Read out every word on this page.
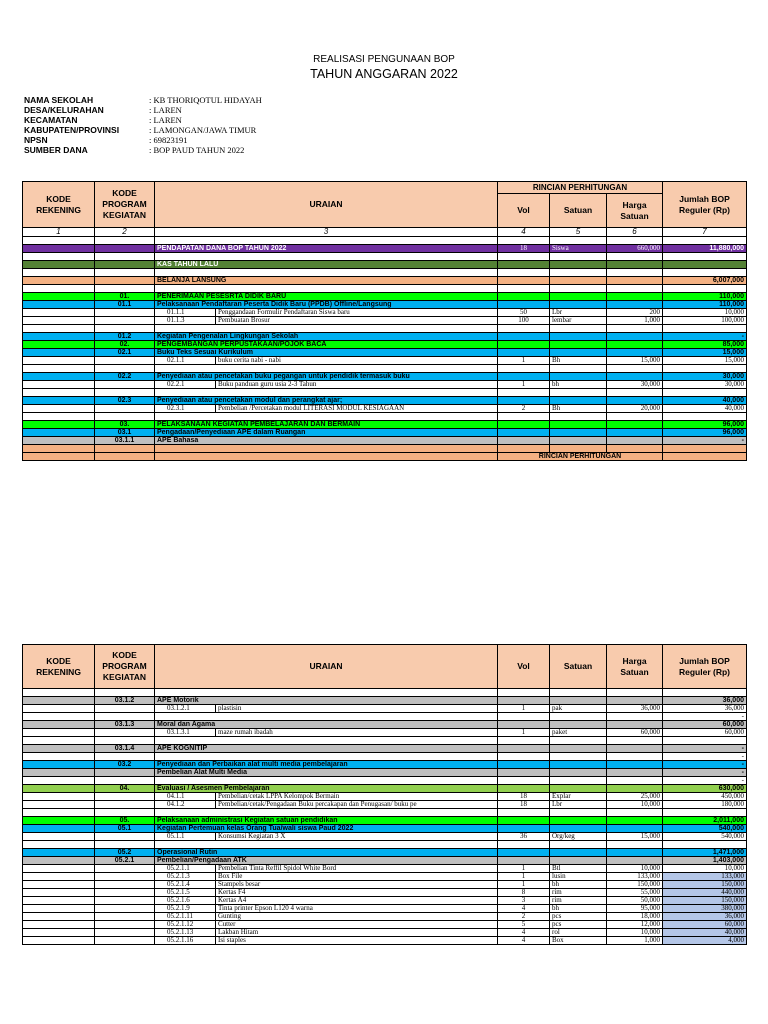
REALISASI PENGUNAAN BOP
TAHUN ANGGARAN 2022
NAMA SEKOLAH	: KB THORIQOTUL HIDAYAH
DESA/KELURAHAN	: LAREN
KECAMATAN	: LAREN
KABUPATEN/PROVINSI	: LAMONGAN/JAWA TIMUR
NPSN	: 69823191
SUMBER DANA	: BOP PAUD TAHUN 2022
KODE REKENING	KODE PROGRAM KEGIATAN	URAIAN	RINCIAN PERHITUNGAN			Jumlah BOP Reguler (Rp)
			Vol	Satuan	Harga Satuan	
1	2	3	4	5	6	7

		PENDAPATAN DANA BOP TAHUN 2022	18	Siswa	660,000	11,880,000

		KAS TAHUN LALU				

		BELANJA LANSUNG				6,007,000

	01.	PENERIMAAN PESESRTA DIDIK BARU				110,000
	01.1	Pelaksanaan Pendaftaran Peserta Didik Baru (PPDB) Offline/Langsung				110,000

		01.1.1 Penggandaan Formulir Pendaftaran Siswa baru	50	Lbr	200	10,000

		01.1.3 Pembuatan Brosur	100	lembar	1,000	100,000

	01.2	Kegiatan Pengenalan Lingkungan Sekolah				-
	02.	PENGEMBANGAN PERPUSTAKAAN/POJOK BACA				85,000
	02.1	Buku Teks Sesuai Kurikulum				15,000

		02.1.1 buku cerita nabi - nabi	1	Bh	15,000	15,000

	02.2	Penyediaan atau pencetakan buku pegangan untuk pendidik termasuk buku				30,000

		02.2.1 Buku panduan guru usia 2-3 Tahun	1	bh	30,000	30,000

	02.3	Penyediaan atau pencetakan modul dan perangkat ajar;				40,000

		02.3.1 Pembelian /Percetakan modul LITERASI MODUL KESIAGAAN	2	Bh	20,000	40,000

	03.	PELAKSANAAN KEGIATAN PEMBELAJARAN DAN BERMAIN				96,000
	03.1	Pengadaan/Penyediaan APE dalam Ruangan				96,000
	03.1.1	APE Bahasa				-

			RINCIAN PERHITUNGAN			
KODE REKENING	KODE PROGRAM KEGIATAN	URAIAN	Vol	Satuan	Harga Satuan	Jumlah BOP Reguler (Rp)

	03.1.2	APE Motorik				36,000

		03.1.2.1 plastisin	1	pak	36,000	36,000
						-
	03.1.3	Moral dan Agama				60,000

		03.1.3.1 maze rumah ibadah	1	paket	60,000	60,000

	03.1.4	APE KOGNITIP				-
						-
	03.2	Penyediaan dan Perbaikan alat multi media pembelajaran				-
		Pembelian Alat Multi Media				-
						-
	04.	Evaluasi / Asesmen Pembelajaran				630,000

		04.1.1 Pembelian/cetak LPPA Kelompok Bermain	18	Explar	25,000	450,000

		04.1.2 Pembelian/cetak/Pengadaan Buku percakapan dan Penugasan/ buku pe	18	Lbr	10,000	180,000

	05.	Pelaksanaan administrasi Kegiatan satuan pendidikan				2,011,000
	05.1	Kegiatan Pertemuan kelas Orang Tua/wali siswa Paud 2022				540,000

		05.1.1 Konsumsi Kegiatan 3 X	36	Org/keg	15,000	540,000

	05.2	Operasional Rutin				1,471,000
	05.2.1	Pembelian/Pengadaan ATK				1,403,000

		05.2.1.1 Pembelian Tinta Reffil Spidol White Bord	1	Btl	10,000	10,000

		05.2.1.3 Box File	1	lusin	133,000	133,000

		05.2.1.4 Stampels besar	1	bh	150,000	150,000

		05.2.1.5 Kertas F4	8	rim	55,000	440,000

		05.2.1.6 Kertas A4	3	rim	50,000	150,000

		05.2.1.9 Tinta printer Epson L120 4 warna	4	bh	95,000	380,000

		05.2.1.11 Gunting	2	pcs	18,000	36,000

		05.2.1.12 Cutter	5	pcs	12,000	60,000

		05.2.1.13 Lakban Hitam	4	rol	10,000	40,000

		05.2.1.16 Isi staples	4	Box	1,000	4,000
